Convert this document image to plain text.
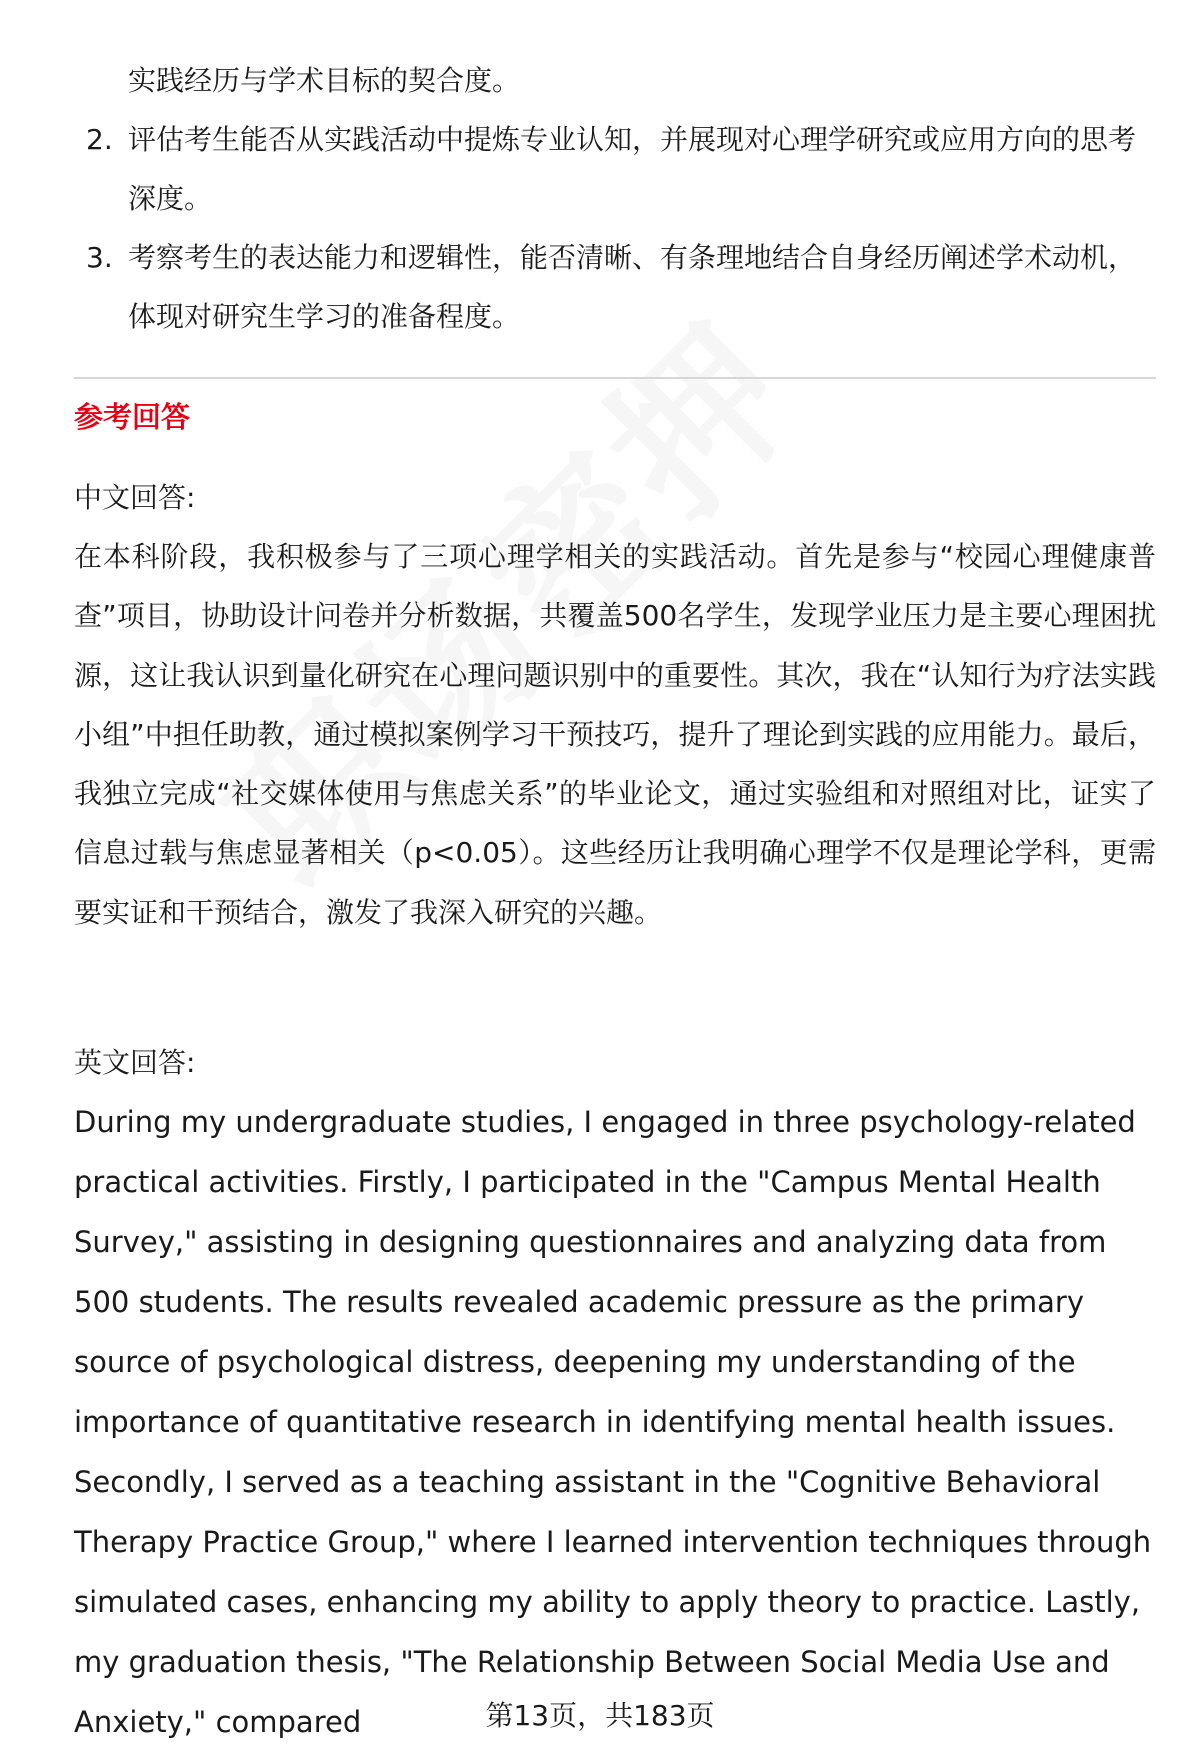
实践经历与学术目标的契合度。
2. 评估考生能否从实践活动中提炼专业认知，并展现对心理学研究或应用方向的思考深度。
3. 考察考生的表达能力和逻辑性，能否清晰、有条理地结合自身经历阐述学术动机，体现对研究生学习的准备程度。
参考回答
中文回答:
在本科阶段，我积极参与了三项心理学相关的实践活动。首先是参与“校园心理健康普查”项目，协助设计问卷并分析数据，共覆盖500名学生，发现学业压力是主要心理困扰源，这让我认识到量化研究在心理问题识别中的重要性。其次，我在“认知行为疗法实践小组”中担任助教，通过模拟案例学习干预技巧，提升了理论到实践的应用能力。最后，我独立完成“社交媒体使用与焦虑关系”的毕业论文，通过实验组和对照组对比，证实了信息过载与焦虑显著相关（p<0.05）。这些经历让我明确心理学不仅是理论学科，更需要实证和干预结合，激发了我深入研究的兴趣。
英文回答:
During my undergraduate studies, I engaged in three psychology-related practical activities. Firstly, I participated in the "Campus Mental Health Survey," assisting in designing questionnaires and analyzing data from 500 students. The results revealed academic pressure as the primary source of psychological distress, deepening my understanding of the importance of quantitative research in identifying mental health issues. Secondly, I served as a teaching assistant in the "Cognitive Behavioral Therapy Practice Group," where I learned intervention techniques through simulated cases, enhancing my ability to apply theory to practice. Lastly, my graduation thesis, "The Relationship Between Social Media Use and Anxiety," compared	第13页，共183页
